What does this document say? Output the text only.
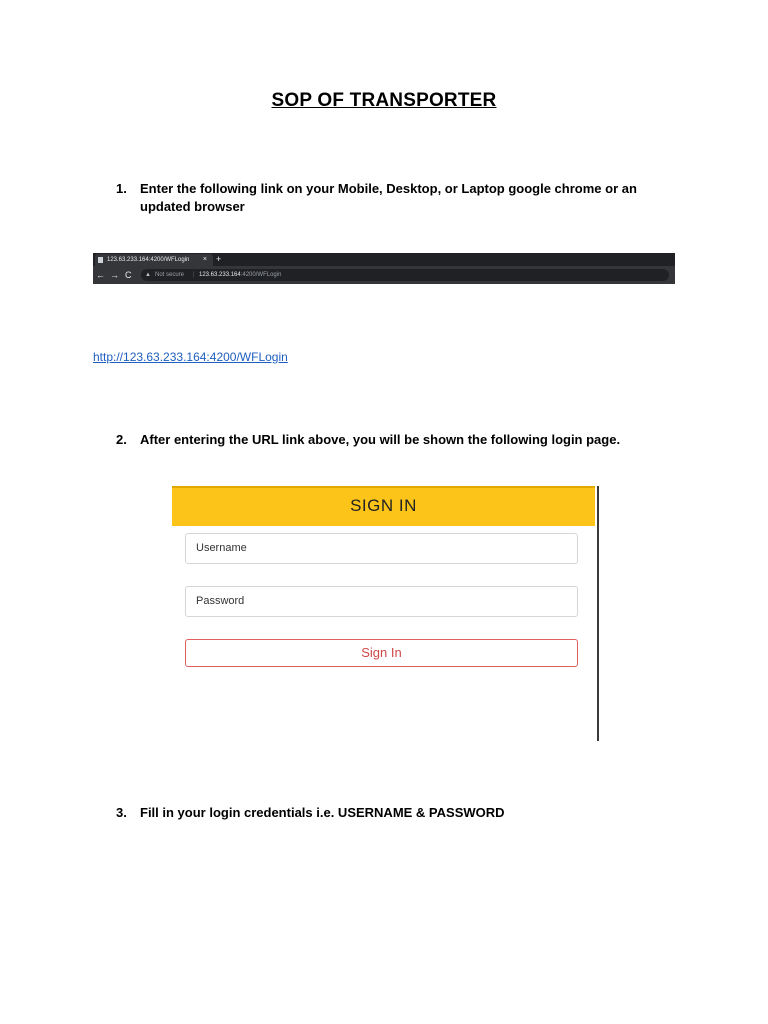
SOP OF TRANSPORTER
1. Enter the following link on your Mobile, Desktop, or Laptop google chrome or an updated browser
123.63.233.164:4200/WFLogin × +
← → C ▲ Not secure | 123.63.233.164:4200/WFLogin
http://123.63.233.164:4200/WFLogin
2. After entering the URL link above, you will be shown the following login page.
SIGN IN
Username
Password
Sign In
3. Fill in your login credentials i.e. USERNAME & PASSWORD
